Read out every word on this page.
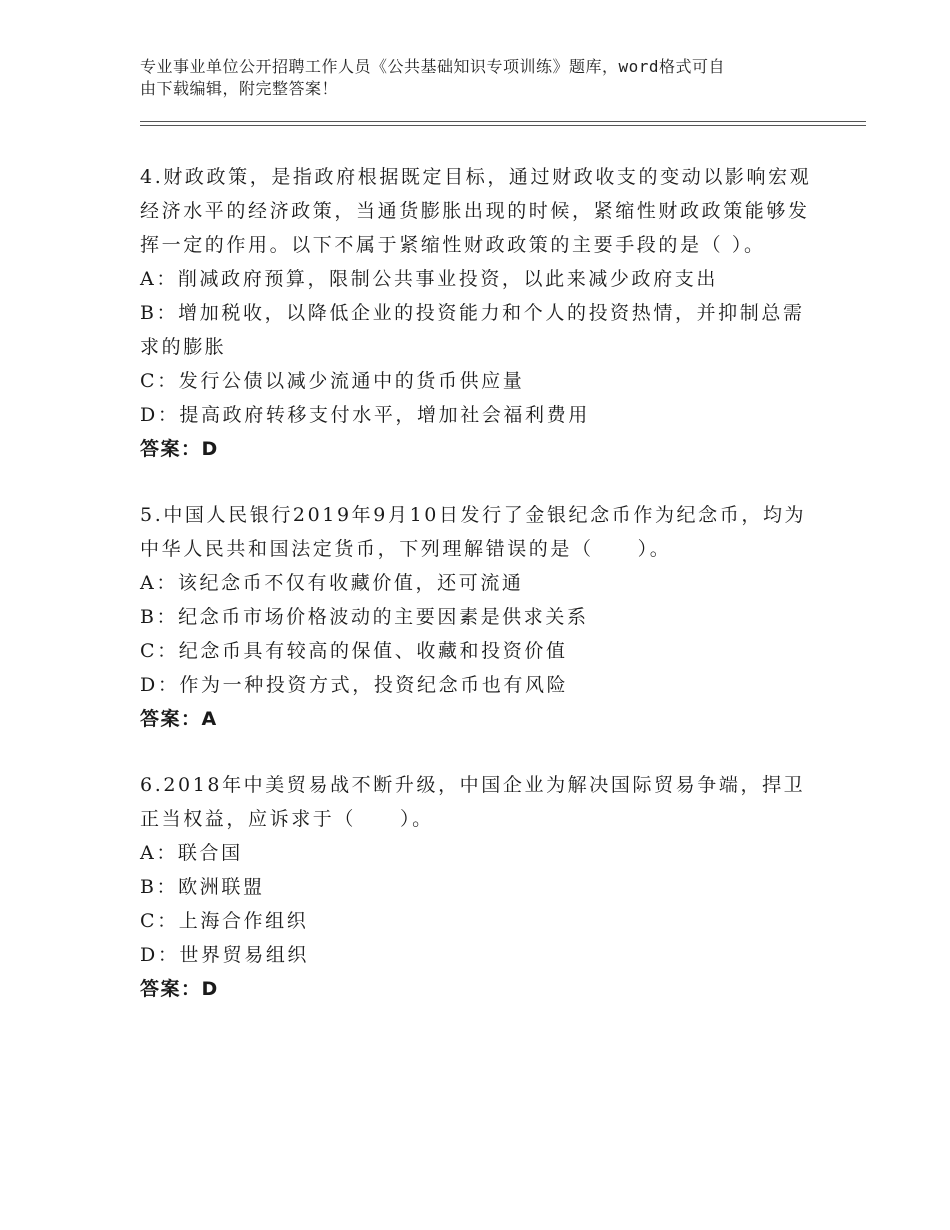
专业事业单位公开招聘工作人员《公共基础知识专项训练》题库，word格式可自
由下载编辑，附完整答案！

4.财政政策，是指政府根据既定目标，通过财政收支的变动以影响宏观经济水平的经济政策，当通货膨胀出现的时候，紧缩性财政政策能够发挥一定的作用。以下不属于紧缩性财政政策的主要手段的是（ ）。

A：削减政府预算，限制公共事业投资，以此来减少政府支出

B：增加税收，以降低企业的投资能力和个人的投资热情，并抑制总需求的膨胀

C：发行公债以减少流通中的货币供应量

D：提高政府转移支付水平，增加社会福利费用

答案：D

5.中国人民银行2019年9月10日发行了金银纪念币作为纪念币，均为中华人民共和国法定货币，下列理解错误的是（ ）。

A：该纪念币不仅有收藏价值，还可流通

B：纪念币市场价格波动的主要因素是供求关系

C：纪念币具有较高的保值、收藏和投资价值

D：作为一种投资方式，投资纪念币也有风险

答案：A

6.2018年中美贸易战不断升级，中国企业为解决国际贸易争端，捍卫正当权益，应诉求于（ ）。

A：联合国

B：欧洲联盟

C：上海合作组织

D：世界贸易组织

答案：D
